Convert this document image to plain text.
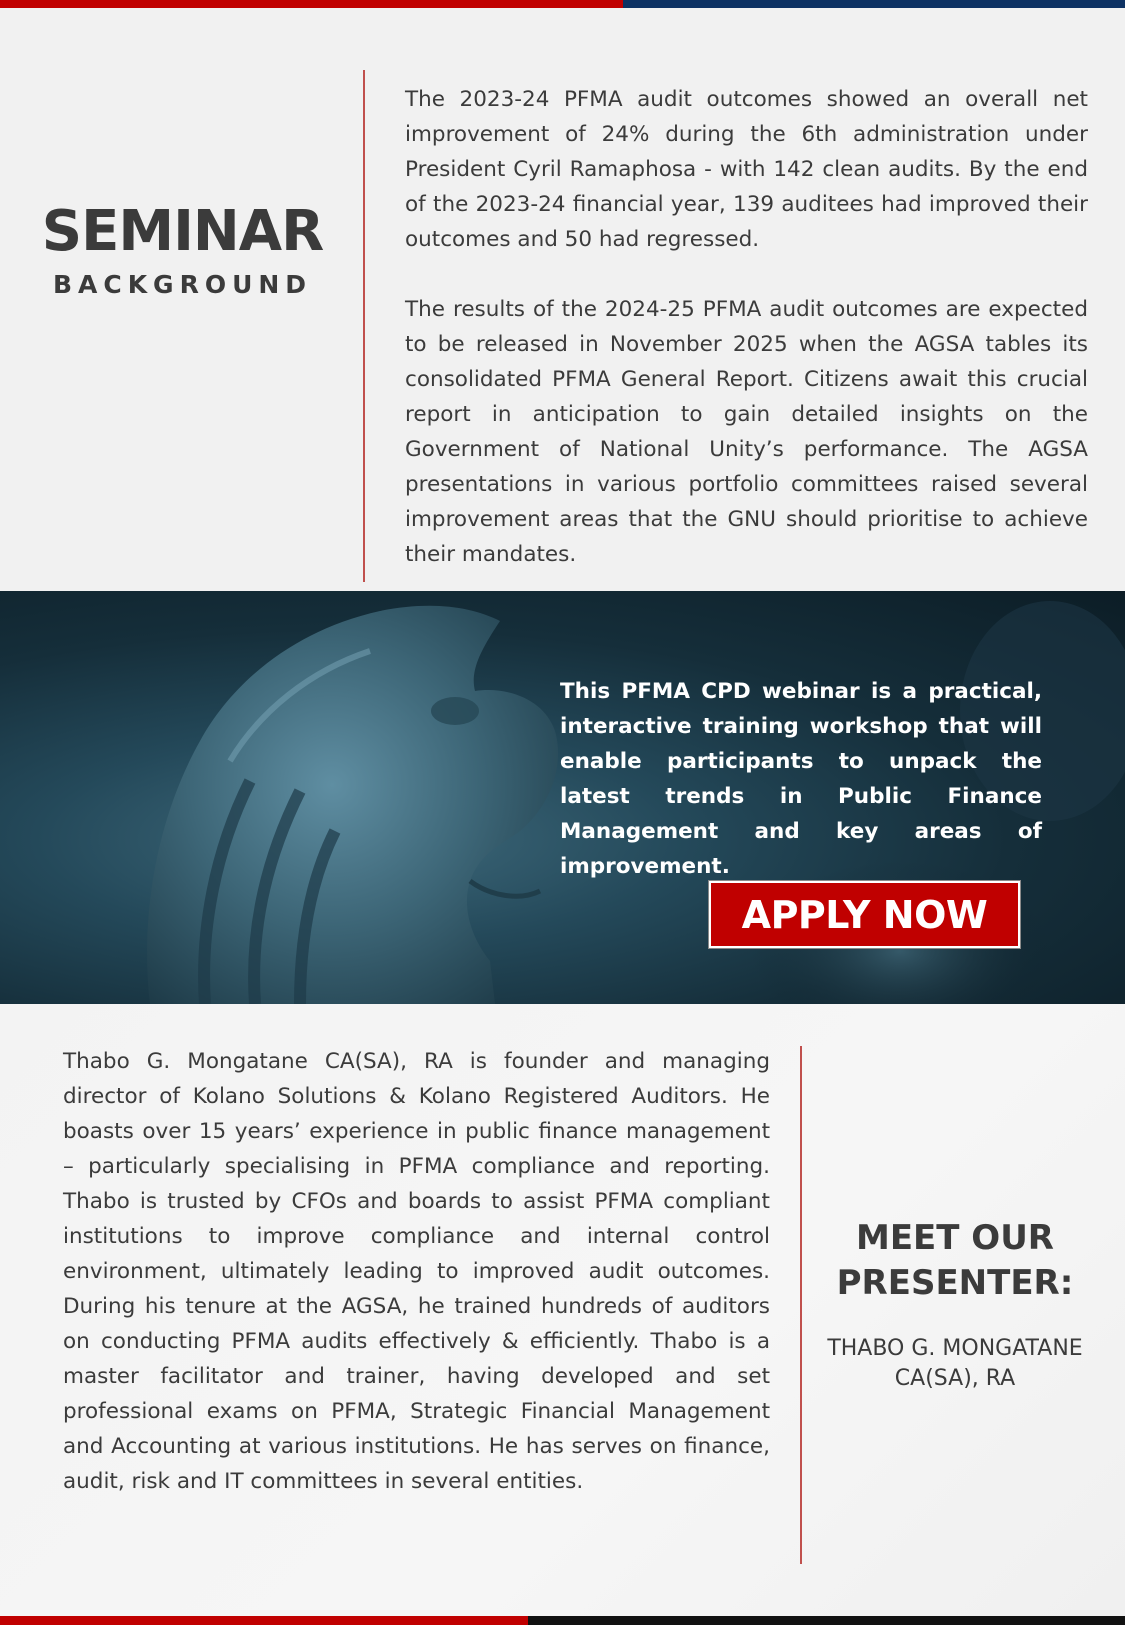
SEMINAR
BACKGROUND

The 2023-24 PFMA audit outcomes showed an overall net improvement of 24% during the 6th administration under President Cyril Ramaphosa - with 142 clean audits. By the end of the 2023-24 financial year, 139 auditees had improved their outcomes and 50 had regressed.

The results of the 2024-25 PFMA audit outcomes are expected to be released in November 2025 when the AGSA tables its consolidated PFMA General Report. Citizens await this crucial report in anticipation to gain detailed insights on the Government of National Unity’s performance. The AGSA presentations in various portfolio committees raised several improvement areas that the GNU should prioritise to achieve their mandates.

This PFMA CPD webinar is a practical, interactive training workshop that will enable participants to unpack the latest trends in Public Finance Management and key areas of improvement.
APPLY NOW
Thabo G. Mongatane CA(SA), RA is founder and managing director of Kolano Solutions & Kolano Registered Auditors. He boasts over 15 years’ experience in public finance management – particularly specialising in PFMA compliance and reporting. Thabo is trusted by CFOs and boards to assist PFMA compliant institutions to improve compliance and internal control environment, ultimately leading to improved audit outcomes. During his tenure at the AGSA, he trained hundreds of auditors on conducting PFMA audits effectively & efficiently. Thabo is a master facilitator and trainer, having developed and set professional exams on PFMA, Strategic Financial Management and Accounting at various institutions. He has serves on finance, audit, risk and IT committees in several entities.
MEET OUR
PRESENTER:
THABO G. MONGATANE
CA(SA), RA
